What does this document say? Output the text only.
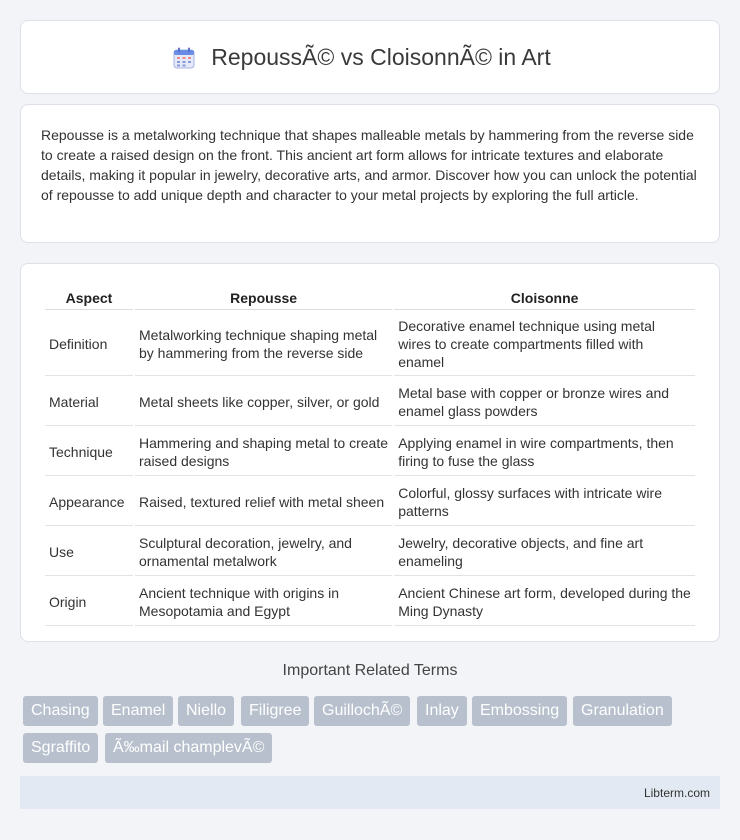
RepoussÃ© vs CloisonnÃ© in Art

Repousse is a metalworking technique that shapes malleable metals by hammering from the reverse side to create a raised design on the front. This ancient art form allows for intricate textures and elaborate details, making it popular in jewelry, decorative arts, and armor. Discover how you can unlock the potential of repousse to add unique depth and character to your metal projects by exploring the full article.

Aspect	Repousse	Cloisonne
Definition	Metalworking technique shaping metal by hammering from the reverse side	Decorative enamel technique using metal wires to create compartments filled with enamel
Material	Metal sheets like copper, silver, or gold	Metal base with copper or bronze wires and enamel glass powders
Technique	Hammering and shaping metal to create raised designs	Applying enamel in wire compartments, then firing to fuse the glass
Appearance	Raised, textured relief with metal sheen	Colorful, glossy surfaces with intricate wire patterns
Use	Sculptural decoration, jewelry, and ornamental metalwork	Jewelry, decorative objects, and fine art enameling
Origin	Ancient technique with origins in Mesopotamia and Egypt	Ancient Chinese art form, developed during the Ming Dynasty
Important Related Terms
Chasing	Enamel	Niello	Filigree	GuillochÃ©	Inlay	Embossing	Granulation
Sgraffito	Ã‰mail champlevÃ©
Libterm.com
